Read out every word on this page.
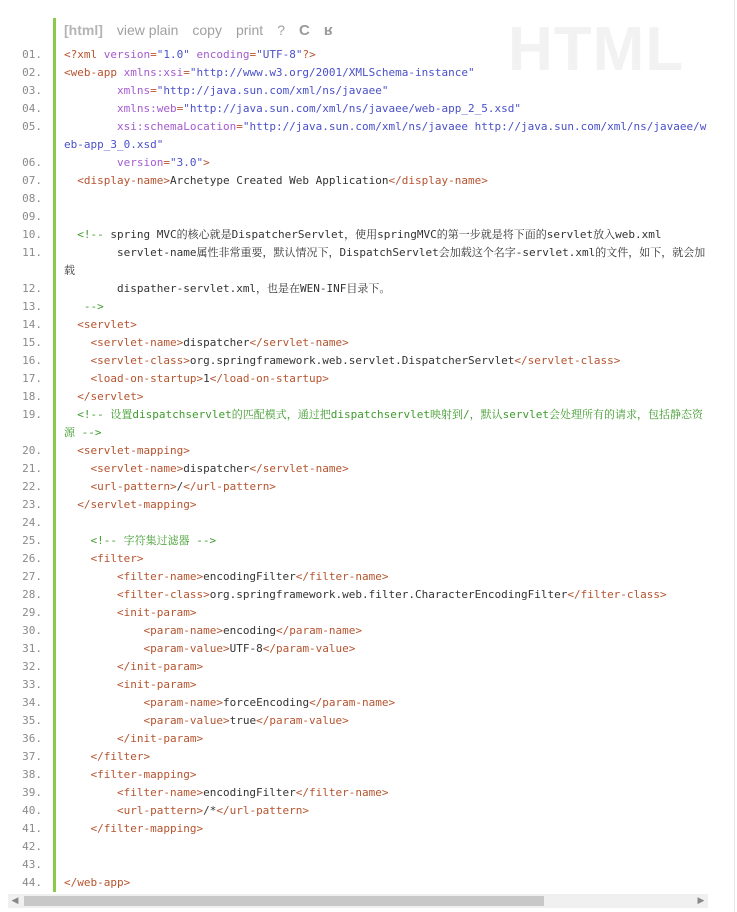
HTML
[html] view plain copy print ? C ʁ
01. <?xml version="1.0" encoding="UTF-8"?>
02. <web-app xmlns:xsi="http://www.w3.org/2001/XMLSchema-instance"
03.	xmlns="http://java.sun.com/xml/ns/javaee"
04.	xmlns:web="http://java.sun.com/xml/ns/javaee/web-app_2_5.xsd"
05.	xsi:schemaLocation="http://java.sun.com/xml/ns/javaee http://java.sun.com/xml/ns/javaee/web-app_3_0.xsd"
06.	version="3.0">
07.	<display-name>Archetype Created Web Application</display-name>
08.
09.
10.	<!-- spring MVC的核心就是DispatcherServlet，使用springMVC的第一步就是将下面的servlet放入web.xml
11. servlet-name属性非常重要，默认情况下，DispatchServlet会加载这个名字-servlet.xml的文件，如下，就会加载
12. dispather-servlet.xml，也是在WEN-INF目录下。
13.	-->
14.	<servlet>
15.	<servlet-name>dispatcher</servlet-name>
16.	<servlet-class>org.springframework.web.servlet.DispatcherServlet</servlet-class>
17.	<load-on-startup>1</load-on-startup>
18.	</servlet>
19.	<!-- 设置dispatchservlet的匹配模式，通过把dispatchservlet映射到/，默认servlet会处理所有的请求，包括静态资源 -->
20.	<servlet-mapping>
21.	<servlet-name>dispatcher</servlet-name>
22.	<url-pattern>/</url-pattern>
23.	</servlet-mapping>
24.
25.	<!-- 字符集过滤器 -->
26.	<filter>
27.	<filter-name>encodingFilter</filter-name>
28.	<filter-class>org.springframework.web.filter.CharacterEncodingFilter</filter-class>
29.	<init-param>
30.	<param-name>encoding</param-name>
31.	<param-value>UTF-8</param-value>
32.	</init-param>
33.	<init-param>
34.	<param-name>forceEncoding</param-name>
35.	<param-value>true</param-value>
36.	</init-param>
37.	</filter>
38.	<filter-mapping>
39.	<filter-name>encodingFilter</filter-name>
40.	<url-pattern>/*</url-pattern>
41.	</filter-mapping>
42.
43.
44. </web-app>
◀	▶
